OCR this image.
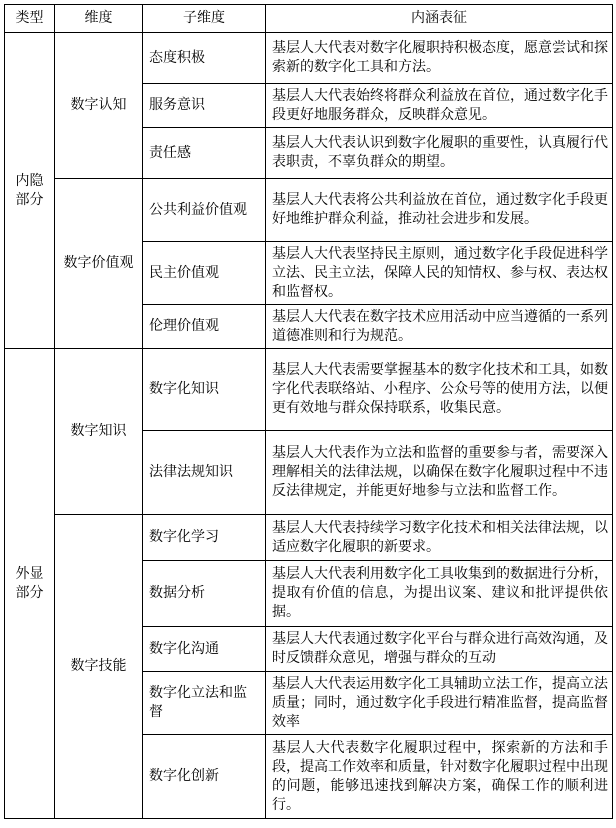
类型	维度	子维度	内涵表征
内隐
部分	数字认知	态度积极	基层人大代表对数字化履职持积极态度，愿意尝试和探索新的数字化工具和方法。
		服务意识	基层人大代表始终将群众利益放在首位，通过数字化手段更好地服务群众，反映群众意见。
		责任感	基层人大代表认识到数字化履职的重要性，认真履行代表职责，不辜负群众的期望。
	数字价值观	公共利益价值观	基层人大代表将公共利益放在首位，通过数字化手段更好地维护群众利益，推动社会进步和发展。
		民主价值观	基层人大代表坚持民主原则，通过数字化手段促进科学立法、民主立法，保障人民的知情权、参与权、表达权和监督权。
		伦理价值观	基层人大代表在数字技术应用活动中应当遵循的一系列道德准则和行为规范。
外显
部分	数字知识	数字化知识	基层人大代表需要掌握基本的数字化技术和工具，如数字化代表联络站、小程序、公众号等的使用方法，以便更有效地与群众保持联系，收集民意。
		法律法规知识	基层人大代表作为立法和监督的重要参与者，需要深入理解相关的法律法规，以确保在数字化履职过程中不违反法律规定，并能更好地参与立法和监督工作。
	数字技能	数字化学习	基层人大代表持续学习数字化技术和相关法律法规，以适应数字化履职的新要求。
		数据分析	基层人大代表利用数字化工具收集到的数据进行分析，提取有价值的信息，为提出议案、建议和批评提供依据。
		数字化沟通	基层人大代表通过数字化平台与群众进行高效沟通，及时反馈群众意见，增强与群众的互动
		数字化立法和监督	基层人大代表运用数字化工具辅助立法工作，提高立法质量；同时，通过数字化手段进行精准监督，提高监督效率
		数字化创新	基层人大代表数字化履职过程中，探索新的方法和手段，提高工作效率和质量，针对数字化履职过程中出现的问题，能够迅速找到解决方案，确保工作的顺利进行。
